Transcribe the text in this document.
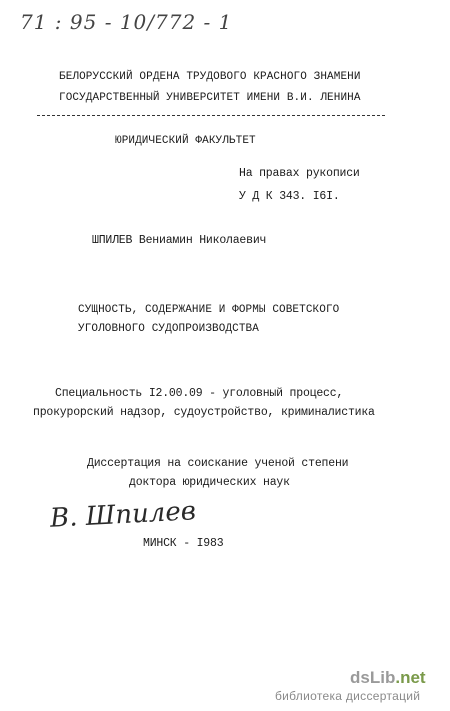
71 : 95 - 10/772 - 1
БЕЛОРУССКИЙ ОРДЕНА ТРУДОВОГО КРАСНОГО ЗНАМЕНИ
ГОСУДАРСТВЕННЫЙ УНИВЕРСИТЕТ ИМЕНИ В.И. ЛЕНИНА
ЮРИДИЧЕСКИЙ ФАКУЛЬТЕТ
На правах рукописи
У Д К 343. I6I.
ШПИЛЕВ Вениамин Николаевич
СУЩНОСТЬ, СОДЕРЖАНИЕ И ФОРМЫ СОВЕТСКОГО
УГОЛОВНОГО СУДОПРОИЗВОДСТВА
Специальность I2.00.09 - уголовный процесс,
прокурорский надзор, судоустройство, криминалистика
Диссертация на соискание ученой степени
доктора юридических наук
В. Шпилев
МИНСК - I983
dsLib.net
библиотека диссертаций
